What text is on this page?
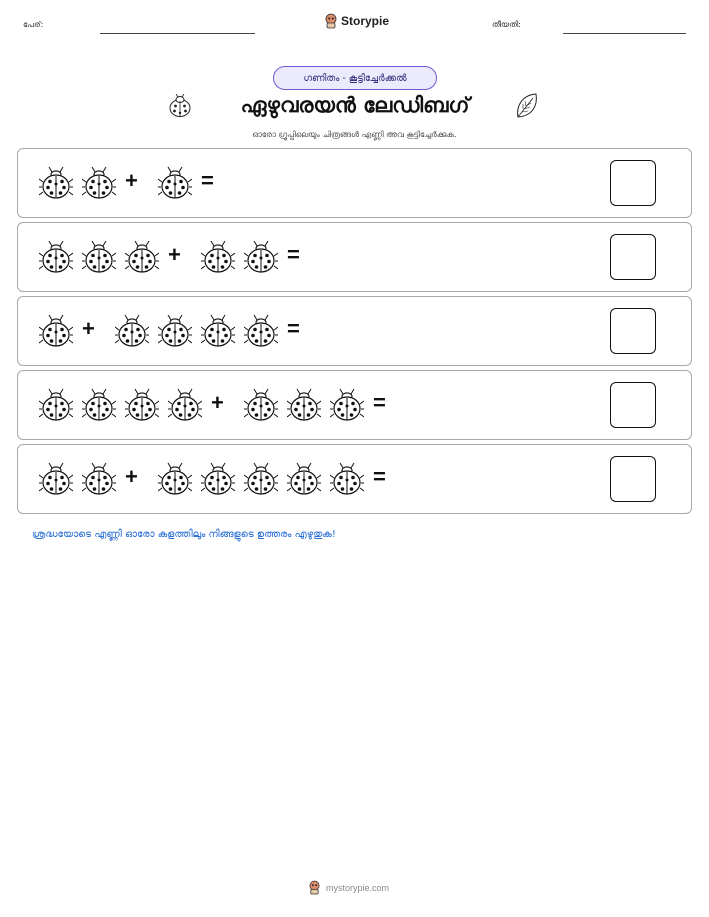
പേര്:	Storypie	തീയതി:
ഗണിതം - കൂട്ടിച്ചേർക്കൽ
ഏഴുവരയൻ ലേഡിബഗ്
ഓരോ ഗ്രൂപ്പിലെയും ചിത്രങ്ങൾ എണ്ണി അവ കൂട്ടിച്ചേർക്കുക.
+	=
+	=
+	=
+	=
+	=
ശ്രദ്ധയോടെ എണ്ണി ഓരോ കളത്തിലും നിങ്ങളുടെ ഉത്തരം എഴുതുക!
mystorypie.com
